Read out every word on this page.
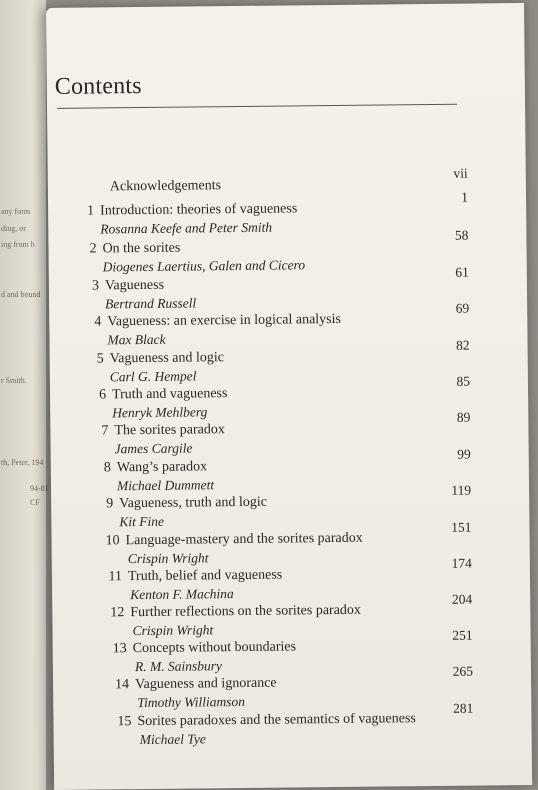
any form
ding, or
ing from b
d and bound
r Smith.
th, Peter, 194
94-81
CF
Contents
Acknowledgements
vii
1 Introduction: theories of vagueness
Rosanna Keefe and Peter Smith
1
2 On the sorites
Diogenes Laertius, Galen and Cicero
58
3 Vagueness
Bertrand Russell
61
4 Vagueness: an exercise in logical analysis
Max Black
69
5 Vagueness and logic
Carl G. Hempel
82
6 Truth and vagueness
Henryk Mehlberg
85
7 The sorites paradox
James Cargile
89
8 Wang’s paradox
Michael Dummett
99
9 Vagueness, truth and logic
Kit Fine
119
10 Language-mastery and the sorites paradox
Crispin Wright
151
11 Truth, belief and vagueness
Kenton F. Machina
174
12 Further reflections on the sorites paradox
Crispin Wright
204
13 Concepts without boundaries
R. M. Sainsbury
251
14 Vagueness and ignorance
Timothy Williamson
265
15 Sorites paradoxes and the semantics of vagueness
Michael Tye
281
